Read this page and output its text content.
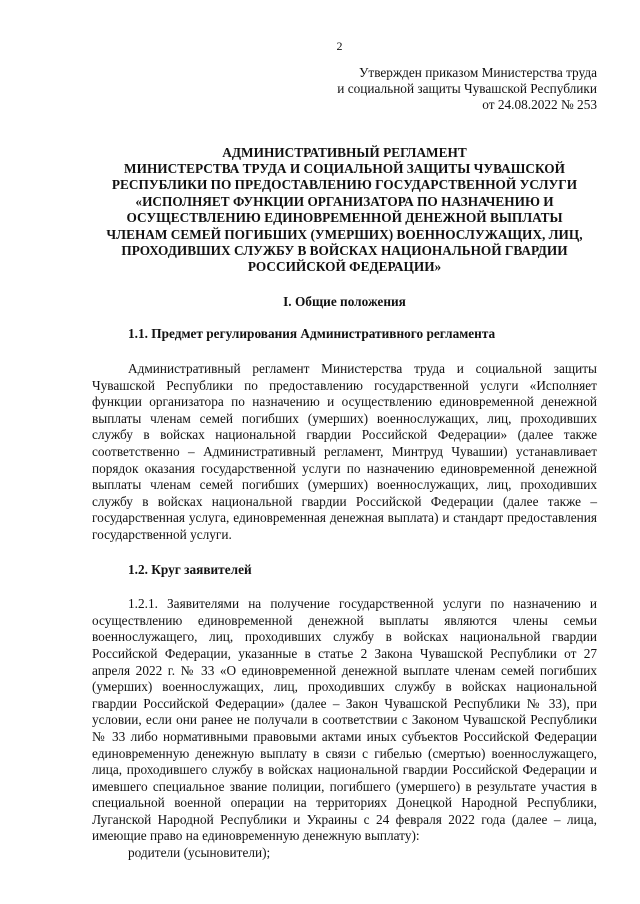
2
Утвержден приказом Министерства труда
и социальной защиты Чувашской Республики
от 24.08.2022 № 253
АДМИНИСТРАТИВНЫЙ РЕГЛАМЕНТ
МИНИСТЕРСТВА ТРУДА И СОЦИАЛЬНОЙ ЗАЩИТЫ ЧУВАШСКОЙ
РЕСПУБЛИКИ ПО ПРЕДОСТАВЛЕНИЮ ГОСУДАРСТВЕННОЙ УСЛУГИ
«ИСПОЛНЯЕТ ФУНКЦИИ ОРГАНИЗАТОРА ПО НАЗНАЧЕНИЮ И
ОСУЩЕСТВЛЕНИЮ ЕДИНОВРЕМЕННОЙ ДЕНЕЖНОЙ ВЫПЛАТЫ
ЧЛЕНАМ СЕМЕЙ ПОГИБШИХ (УМЕРШИХ) ВОЕННОСЛУЖАЩИХ, ЛИЦ,
ПРОХОДИВШИХ СЛУЖБУ В ВОЙСКАХ НАЦИОНАЛЬНОЙ ГВАРДИИ
РОССИЙСКОЙ ФЕДЕРАЦИИ»
I. Общие положения
1.1. Предмет регулирования Административного регламента

Административный регламент Министерства труда и социальной защиты Чувашской Республики по предоставлению государственной услуги «Исполняет функции организатора по назначению и осуществлению единовременной денежной выплаты членам семей погибших (умерших) военнослужащих, лиц, проходивших службу в войсках национальной гвардии Российской Федерации» (далее также соответственно – Административный регламент, Минтруд Чувашии) устанавливает порядок оказания государственной услуги по назначению единовременной денежной выплаты членам семей погибших (умерших) военнослужащих, лиц, проходивших службу в войсках национальной гвардии Российской Федерации (далее также – государственная услуга, единовременная денежная выплата) и стандарт предоставления государственной услуги.

1.2. Круг заявителей

1.2.1. Заявителями на получение государственной услуги по назначению и осуществлению единовременной денежной выплаты являются члены семьи военнослужащего, лиц, проходивших службу в войсках национальной гвардии Российской Федерации, указанные в статье 2 Закона Чувашской Республики от 27 апреля 2022 г. № 33 «О единовременной денежной выплате членам семей погибших (умерших) военнослужащих, лиц, проходивших службу в войсках национальной гвардии Российской Федерации» (далее – Закон Чувашской Республики № 33), при условии, если они ранее не получали в соответствии с Законом Чувашской Республики № 33 либо нормативными правовыми актами иных субъектов Российской Федерации единовременную денежную выплату в связи с гибелью (смертью) военнослужащего, лица, проходившего службу в войсках национальной гвардии Российской Федерации и имевшего специальное звание полиции, погибшего (умершего) в результате участия в специальной военной операции на территориях Донецкой Народной Республики, Луганской Народной Республики и Украины с 24 февраля 2022 года (далее – лица, имеющие право на единовременную денежную выплату):

родители (усыновители);
